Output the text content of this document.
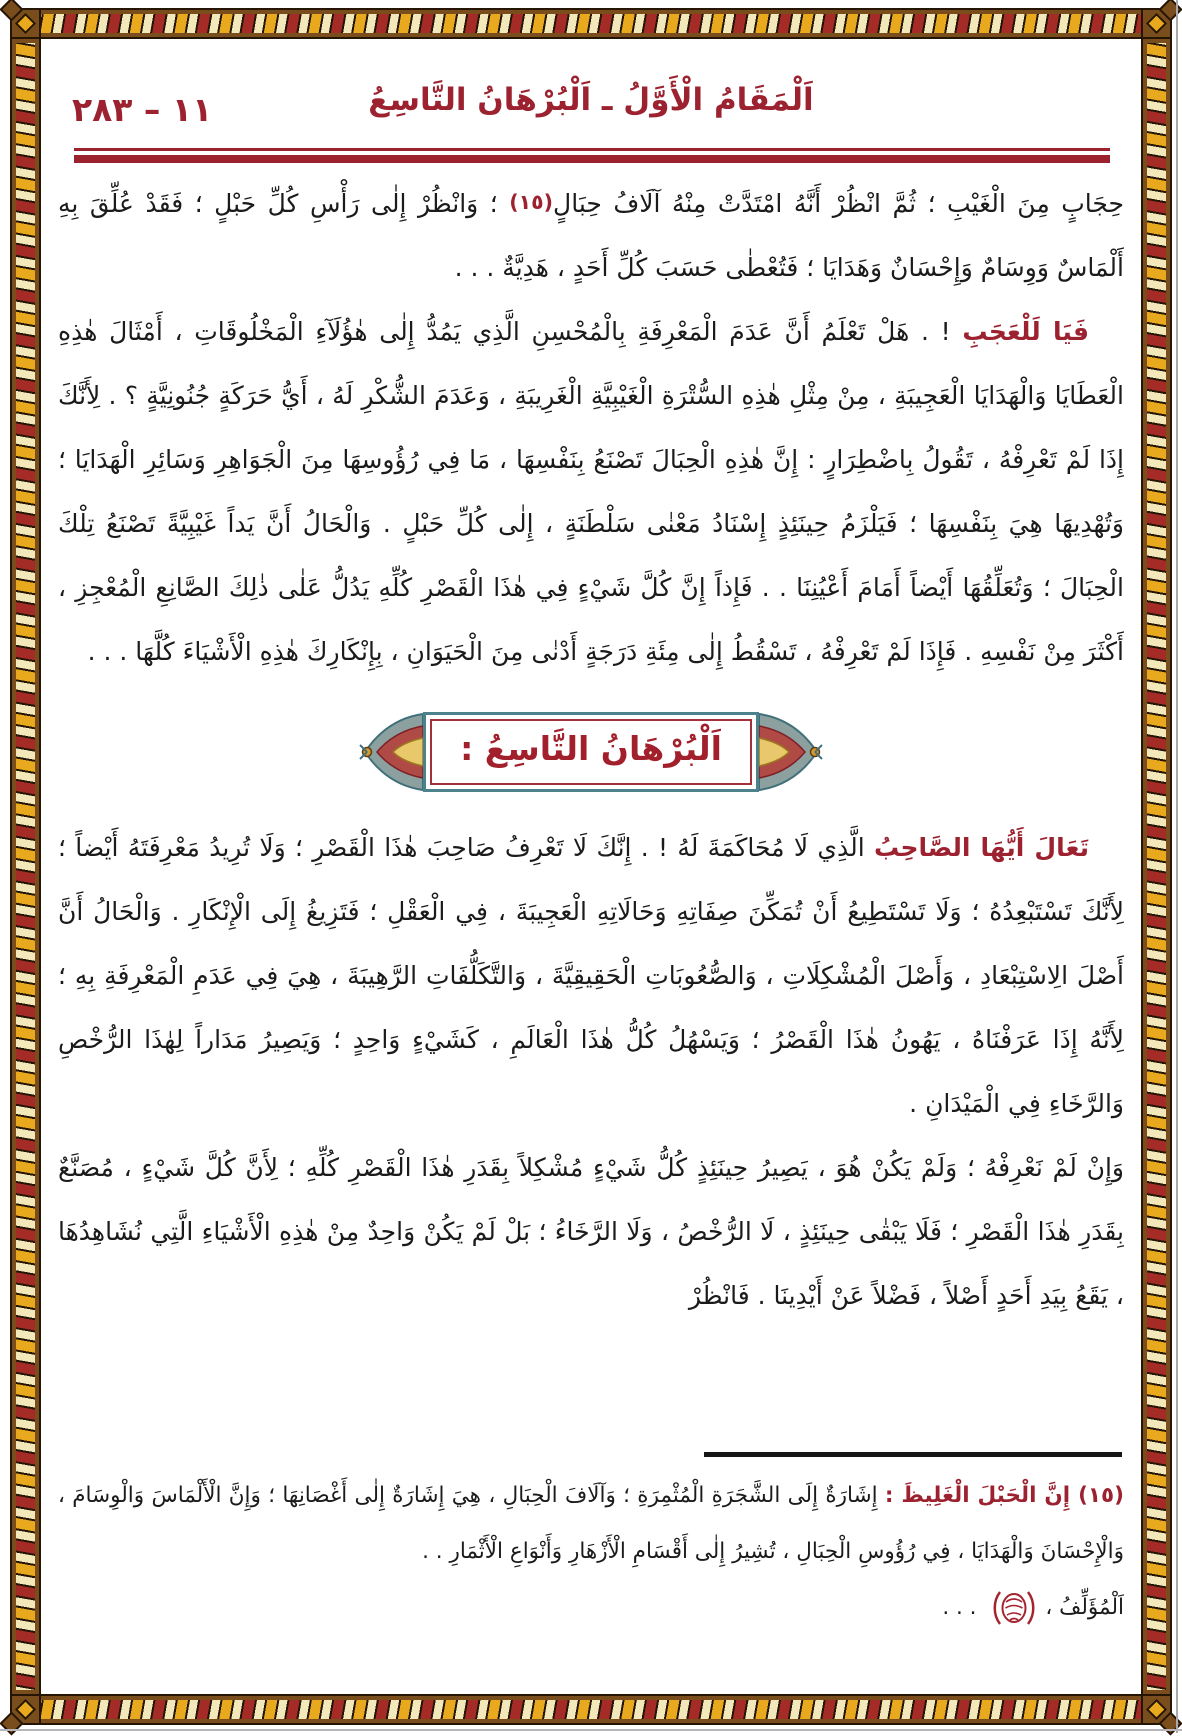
١١ – ٢٨٣	اَلْمَقَامُ الْأَوَّلُ ـ اَلْبُرْهَانُ التَّاسِعُ

حِجَابٍ مِنَ الْغَيْبِ ؛ ثُمَّ انْظُرْ أَنَّهُ امْتَدَّتْ مِنْهُ آلَافُ حِبَالٍ(١٥) ؛ وَانْظُرْ إِلٰى رَأْسِ كُلِّ حَبْلٍ ؛ فَقَدْ عُلِّقَ بِهِ أَلْمَاسٌ وَوِسَامٌ وَإِحْسَانٌ وَهَدَايَا ؛ فَتُعْطٰى حَسَبَ كُلِّ أَحَدٍ ، هَدِيَّةٌ . . .

فَيَا لَلْعَجَبِ ! . هَلْ تَعْلَمُ أَنَّ عَدَمَ الْمَعْرِفَةِ بِالْمُحْسِنِ الَّذِي يَمُدُّ إِلٰى هٰؤُلَآءِ الْمَخْلُوقَاتِ ، أَمْثَالَ هٰذِهِ الْعَطَايَا وَالْهَدَايَا الْعَجِيبَةِ ، مِنْ مِثْلِ هٰذِهِ السُّتْرَةِ الْغَيْبِيَّةِ الْغَرِيبَةِ ، وَعَدَمَ الشُّكْرِ لَهُ ، أَيُّ حَرَكَةٍ جُنُونِيَّةٍ ؟ . لِأَنَّكَ إِذَا لَمْ تَعْرِفْهُ ، تَقُولُ بِاضْطِرَارٍ : إِنَّ هٰذِهِ الْحِبَالَ تَصْنَعُ بِنَفْسِهَا ، مَا فِي رُؤُوسِهَا مِنَ الْجَوَاهِرِ وَسَائِرِ الْهَدَايَا ؛ وَتُهْدِيهَا هِيَ بِنَفْسِهَا ؛ فَيَلْزَمُ حِينَئِذٍ إِسْنَادُ مَعْنٰى سَلْطَنَةٍ ، إِلٰى كُلِّ حَبْلٍ . وَالْحَالُ أَنَّ يَداً غَيْبِيَّةً تَصْنَعُ تِلْكَ الْحِبَالَ ؛ وَتُعَلِّقُهَا أَيْضاً أَمَامَ أَعْيُنِنَا . . فَإِذاً إِنَّ كُلَّ شَيْءٍ فِي هٰذَا الْقَصْرِ كُلِّهِ يَدُلُّ عَلٰى ذٰلِكَ الصَّانِعِ الْمُعْجِزِ ، أَكْثَرَ مِنْ نَفْسِهِ . فَإِذَا لَمْ تَعْرِفْهُ ، تَسْقُطُ إِلٰى مِئَةِ دَرَجَةٍ أَدْنٰى مِنَ الْحَيَوَانِ ، بِإِنْكَارِكَ هٰذِهِ الْأَشْيَاءَ كُلَّهَا . . .

اَلْبُرْهَانُ التَّاسِعُ :

تَعَالَ أَيُّهَا الصَّاحِبُ الَّذِي لَا مُحَاكَمَةَ لَهُ ! . إِنَّكَ لَا تَعْرِفُ صَاحِبَ هٰذَا الْقَصْرِ ؛ وَلَا تُرِيدُ مَعْرِفَتَهُ أَيْضاً ؛ لِأَنَّكَ تَسْتَبْعِدُهُ ؛ وَلَا تَسْتَطِيعُ أَنْ تُمَكِّنَ صِفَاتِهِ وَحَالَاتِهِ الْعَجِيبَةَ ، فِي الْعَقْلِ ؛ فَتَزِيغُ إِلَى الْإِنْكَارِ . وَالْحَالُ أَنَّ أَصْلَ الِاسْتِبْعَادِ ، وَأَصْلَ الْمُشْكِلَاتِ ، وَالصُّعُوبَاتِ الْحَقِيقِيَّةَ ، وَالتَّكَلُّفَاتِ الرَّهِيبَةَ ، هِيَ فِي عَدَمِ الْمَعْرِفَةِ بِهِ ؛ لِأَنَّهُ إِذَا عَرَفْنَاهُ ، يَهُونُ هٰذَا الْقَصْرُ ؛ وَيَسْهُلُ كُلُّ هٰذَا الْعَالَمِ ، كَشَيْءٍ وَاحِدٍ ؛ وَيَصِيرُ مَدَاراً لِهٰذَا الرُّخْصِ وَالرَّخَاءِ فِي الْمَيْدَانِ .

وَإِنْ لَمْ نَعْرِفْهُ ؛ وَلَمْ يَكُنْ هُوَ ، يَصِيرُ حِينَئِذٍ كُلُّ شَيْءٍ مُشْكِلاً بِقَدَرِ هٰذَا الْقَصْرِ كُلِّهِ ؛ لِأَنَّ كُلَّ شَيْءٍ ، مُصَنَّعٌ بِقَدَرِ هٰذَا الْقَصْرِ ؛ فَلَا يَبْقٰى حِينَئِذٍ ، لَا الرُّخْصُ ، وَلَا الرَّخَاءُ ؛ بَلْ لَمْ يَكُنْ وَاحِدٌ مِنْ هٰذِهِ الْأَشْيَاءِ الَّتِي نُشَاهِدُهَا ، يَقَعُ بِيَدِ أَحَدٍ أَصْلاً ، فَضْلاً عَنْ أَيْدِينَا . فَانْظُرْ

(١٥) إِنَّ الْحَبْلَ الْغَلِيظَ : إِشَارَةٌ إِلَى الشَّجَرَةِ الْمُثْمِرَةِ ؛ وَآلَافَ الْحِبَالِ ، هِيَ إِشَارَةٌ إِلٰى أَغْصَانِهَا ؛ وَإِنَّ الْأَلْمَاسَ وَالْوِسَامَ ، وَالْإِحْسَانَ وَالْهَدَايَا ، فِي رُؤُوسِ الْحِبَالِ ، تُشِيرُ إِلٰى أَقْسَامِ الْأَزْهَارِ وَأَنْوَاعِ الْأَثْمَارِ . .

اَلْمُؤَلِّفُ ، . . .
